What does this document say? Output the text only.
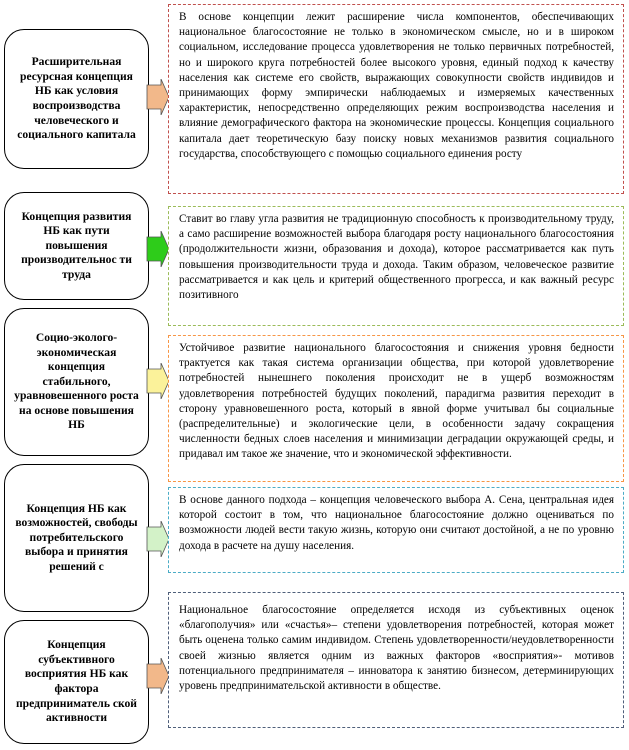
Расширительная ресурсная концепция НБ как условия воспроизводства человеческого и социального капитала
В основе концепции лежит расширение числа компонентов, обеспечивающих национальное благосостояние не только в экономическом смысле, но и в широком социальном, исследование процесса удовлетворения не только первичных потребностей, но и широкого круга потребностей более высокого уровня, единый подход к качеству населения как системе его свойств, выражающих совокупности свойств индивидов и принимающих форму эмпирически наблюдаемых и измеряемых качественных характеристик, непосредственно определяющих режим воспроизводства населения и влияние демографического фактора на экономические процессы. Концепция социального капитала дает теоретическую базу поиску новых механизмов развития социального государства, способствующего с помощью социального единения росту
Концепция развития НБ как пути повышения производительнос ти труда
Ставит во главу угла развития не традиционную способность к производительному труду, а само расширение возможностей выбора благодаря росту национального благосостояния (продолжительности жизни, образования и дохода), которое рассматривается как путь повышения производительности труда и дохода. Таким образом, человеческое развитие рассматривается и как цель и критерий общественного прогресса, и как важный ресурс позитивного
Социо-эколого-экономическая концепция стабильного, уравновешенного роста на основе повышения НБ
Устойчивое развитие национального благосостояния и снижения уровня бедности трактуется как такая система организации общества, при которой удовлетворение потребностей нынешнего поколения происходит не в ущерб возможностям удовлетворения потребностей будущих поколений, парадигма развития переходит в сторону уравновешенного роста, который в явной форме учитывал бы социальные (распределительные) и экологические цели, в особенности задачу сокращения численности бедных слоев населения и минимизации деградации окружающей среды, и придавал им такое же значение, что и экономической эффективности.
Концепция НБ как возможностей, свободы потребительского выбора и принятия решений с
В основе данного подхода – концепция человеческого выбора А. Сена, центральная идея которой состоит в том, что национальное благосостояние должно оцениваться по возможности людей вести такую жизнь, которую они считают достойной, а не по уровню дохода в расчете на душу населения.
Концепция субъективного восприятия НБ как фактора предприниматель ской активности
Национальное благосостояние определяется исходя из субъективных оценок «благополучия» или «счастья»– степени удовлетворения потребностей, которая может быть оценена только самим индивидом. Степень удовлетворенности/неудовлетворенности своей жизнью является одним из важных факторов «восприятия»- мотивов потенциального предпринимателя – инноватора к занятию бизнесом, детерминирующих уровень предпринимательской активности в обществе.
